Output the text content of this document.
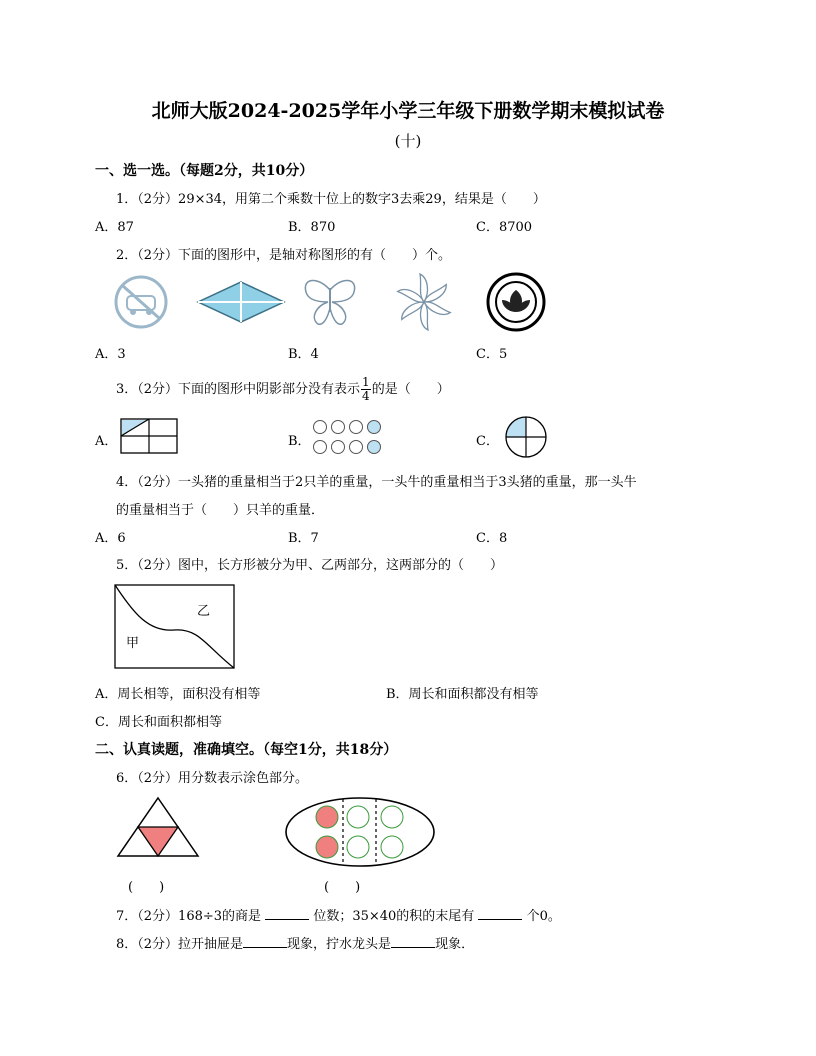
北师大版2024-2025学年小学三年级下册数学期末模拟试卷
(十)
一、选一选。（每题2分，共10分）
1．（2分）29×34，用第二个乘数十位上的数字3去乘29，结果是（　　）
A．87	B．870	C．8700
2．（2分）下面的图形中，是轴对称图形的有（　　）个。
A．3	B．4	C．5
3．（2分）下面的图形中阴影部分没有表示 $\frac{1}{4}$ 的是（　　）
A．	B．	C．
4．（2分）一头猪的重量相当于2只羊的重量，一头牛的重量相当于3头猪的重量，那一头牛
的重量相当于（　　）只羊的重量．
A．6	B．7	C．8
5．（2分）图中，长方形被分为甲、乙两部分，这两部分的（　　）
乙
甲
A．周长相等，面积没有相等	B．周长和面积都没有相等
C．周长和面积都相等
二、认真读题，准确填空。（每空1分，共18分）
6．（2分）用分数表示涂色部分。
(　　)	(　　)
7．（2分）168÷3的商是	位数；35×40的积的末尾有	个0。
8．（2分）拉开抽屉是	现象，拧水龙头是	现象．
